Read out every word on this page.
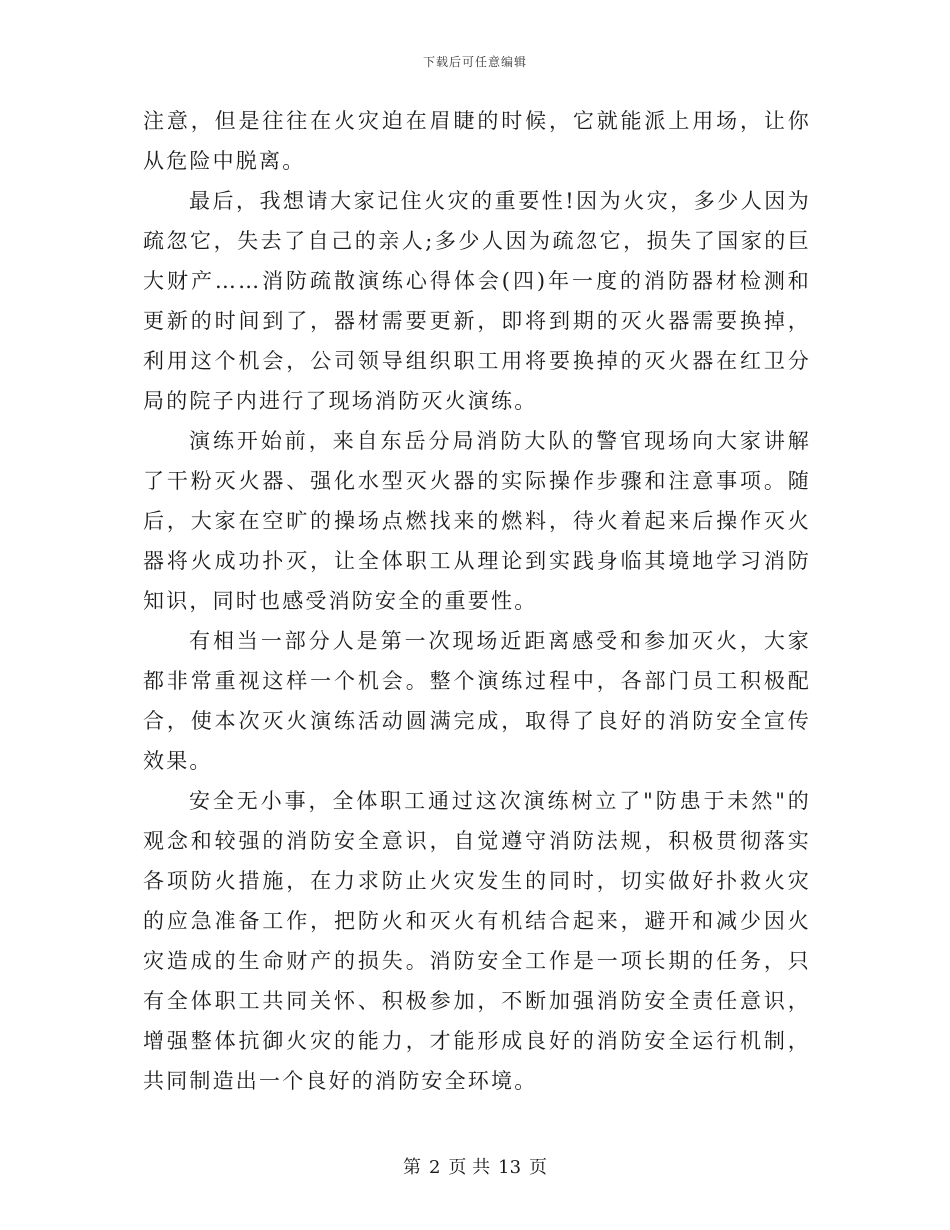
下载后可任意编辑

注意，但是往往在火灾迫在眉睫的时候，它就能派上用场，让你从危险中脱离。

最后，我想请大家记住火灾的重要性!因为火灾，多少人因为疏忽它，失去了自己的亲人;多少人因为疏忽它，损失了国家的巨大财产……消防疏散演练心得体会(四)年一度的消防器材检测和更新的时间到了，器材需要更新，即将到期的灭火器需要换掉，利用这个机会，公司领导组织职工用将要换掉的灭火器在红卫分局的院子内进行了现场消防灭火演练。

演练开始前，来自东岳分局消防大队的警官现场向大家讲解了干粉灭火器、强化水型灭火器的实际操作步骤和注意事项。随后，大家在空旷的操场点燃找来的燃料，待火着起来后操作灭火器将火成功扑灭，让全体职工从理论到实践身临其境地学习消防知识，同时也感受消防安全的重要性。

有相当一部分人是第一次现场近距离感受和参加灭火，大家都非常重视这样一个机会。整个演练过程中，各部门员工积极配合，使本次灭火演练活动圆满完成，取得了良好的消防安全宣传效果。

安全无小事，全体职工通过这次演练树立了"防患于未然"的观念和较强的消防安全意识，自觉遵守消防法规，积极贯彻落实各项防火措施，在力求防止火灾发生的同时，切实做好扑救火灾的应急准备工作，把防火和灭火有机结合起来，避开和减少因火灾造成的生命财产的损失。消防安全工作是一项长期的任务，只有全体职工共同关怀、积极参加，不断加强消防安全责任意识，增强整体抗御火灾的能力，才能形成良好的消防安全运行机制，共同制造出一个良好的消防安全环境。

第 2 页 共 13 页
